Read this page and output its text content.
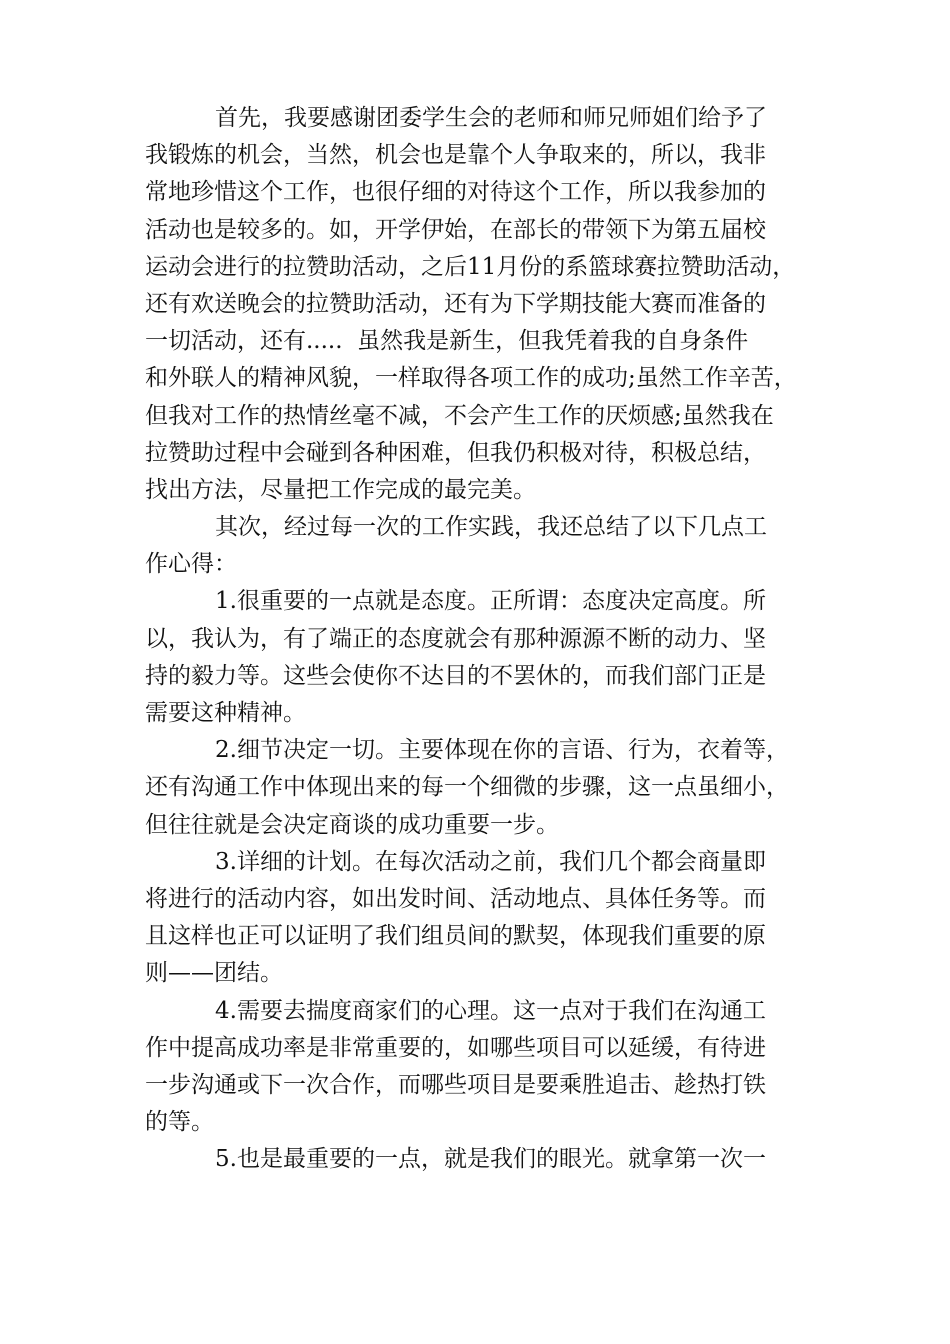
首先，我要感谢团委学生会的老师和师兄师姐们给予了
我锻炼的机会，当然，机会也是靠个人争取来的，所以，我非
常地珍惜这个工作，也很仔细的对待这个工作，所以我参加的
活动也是较多的。如，开学伊始，在部长的带领下为第五届校
运动会进行的拉赞助活动，之后11月份的系篮球赛拉赞助活动，
还有欢送晚会的拉赞助活动，还有为下学期技能大赛而准备的
一切活动，还有.....  虽然我是新生，但我凭着我的自身条件
和外联人的精神风貌，一样取得各项工作的成功;虽然工作辛苦，
但我对工作的热情丝毫不减，不会产生工作的厌烦感;虽然我在
拉赞助过程中会碰到各种困难，但我仍积极对待，积极总结，
找出方法，尽量把工作完成的最完美。
其次，经过每一次的工作实践，我还总结了以下几点工
作心得：
1.很重要的一点就是态度。正所谓：态度决定高度。所
以，我认为，有了端正的态度就会有那种源源不断的动力、坚
持的毅力等。这些会使你不达目的不罢休的，而我们部门正是
需要这种精神。
2.细节决定一切。主要体现在你的言语、行为，衣着等，
还有沟通工作中体现出来的每一个细微的步骤，这一点虽细小，
但往往就是会决定商谈的成功重要一步。
3.详细的计划。在每次活动之前，我们几个都会商量即
将进行的活动内容，如出发时间、活动地点、具体任务等。而
且这样也正可以证明了我们组员间的默契，体现我们重要的原
则——团结。
4.需要去揣度商家们的心理。这一点对于我们在沟通工
作中提高成功率是非常重要的，如哪些项目可以延缓，有待进
一步沟通或下一次合作，而哪些项目是要乘胜追击、趁热打铁
的等。
5.也是最重要的一点，就是我们的眼光。就拿第一次一
